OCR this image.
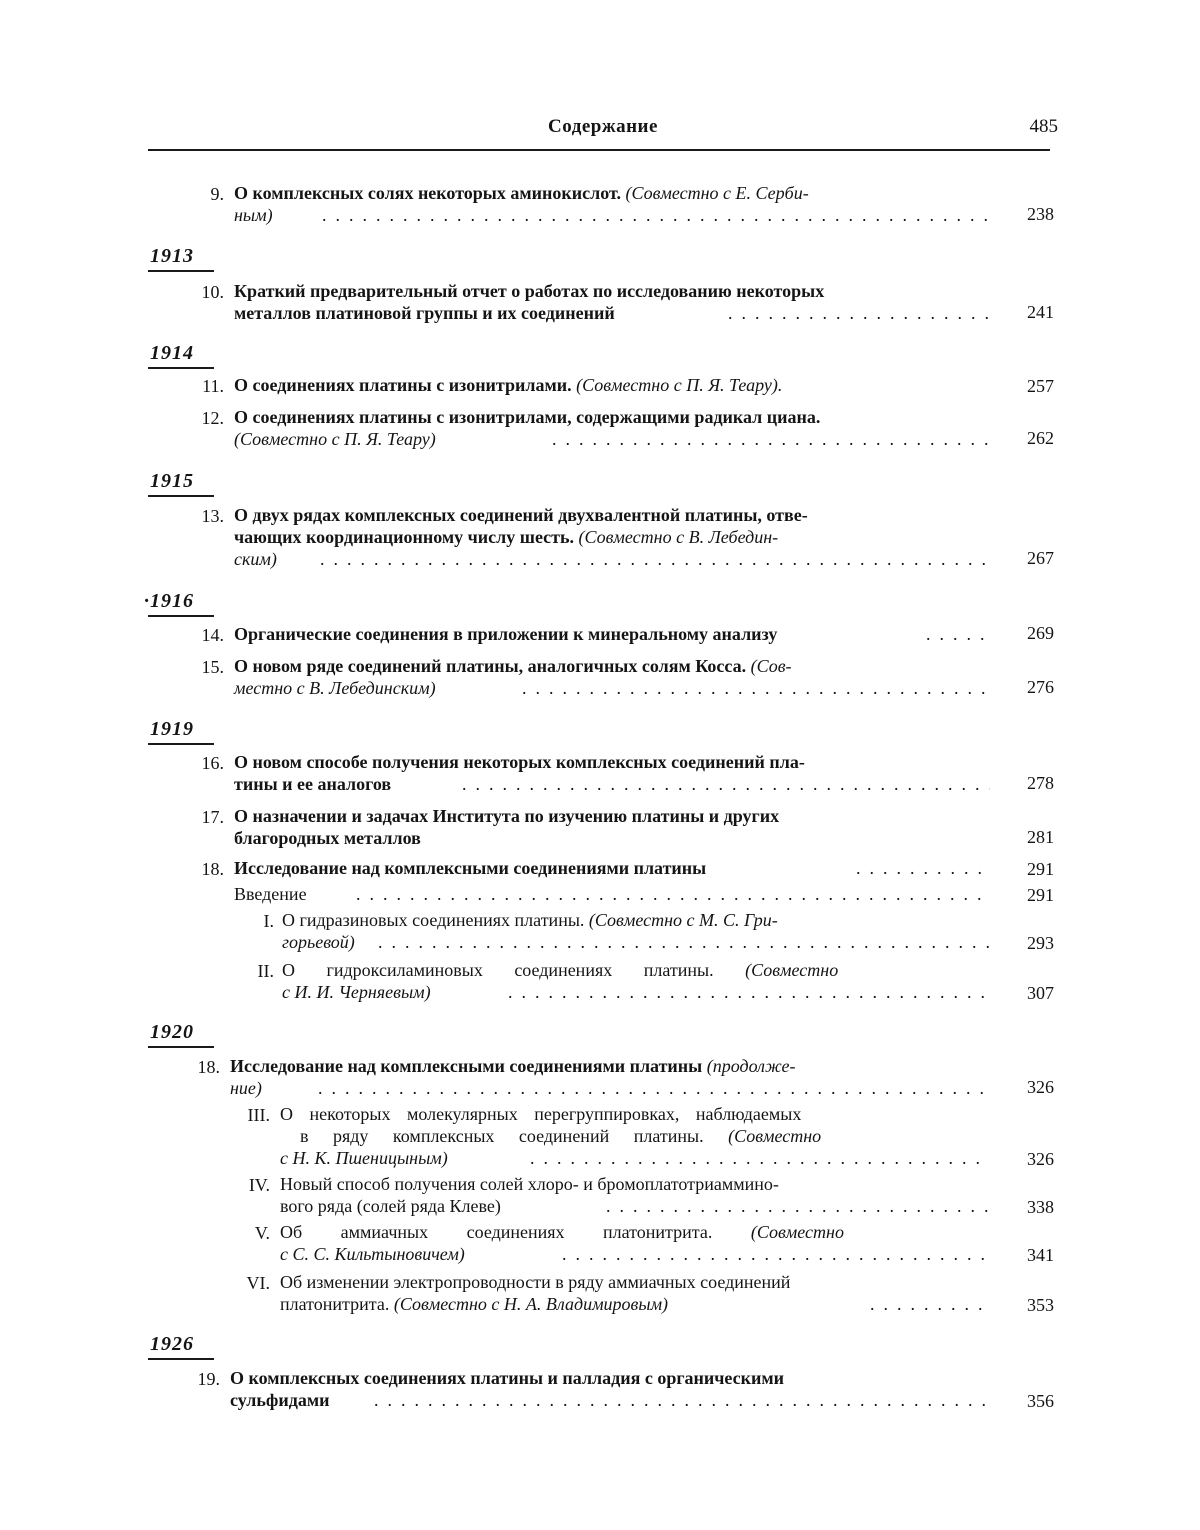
Содержание	485
9. О комплексных солях некоторых аминокислот. (Совместно с Е. Серби-
ным)	.................................................	238
1913
10. Краткий предварительный отчет о работах по исследованию некоторых
металлов платиновой группы и их соединений	...................	241
1914
11. О соединениях платины с изонитрилами. (Совместно с П. Я. Теару).	257
12. О соединениях платины с изонитрилами, содержащими радикал циана.
(Совместно с П. Я. Теару)	................................... 262
1915
13. О двух рядах комплексных соединений двухвалентной платины, отве-
чающих координационному числу шесть. (Совместно с В. Лебедин-
ским) .................................................	267
·1916
14. Органические соединения в приложении к минеральному анализу	....	269
15. О новом ряде соединений платины, аналогичных солям Косса. (Сов-
местно с В. Лебединским)	...................................	276
1919
16. О новом способе получения некоторых комплексных соединений пла-
тины и ее аналогов	.......................................	278
17. О назначении и задачах Института по изучению платины и других
благородных металлов	281
18. Исследование над комплексными соединениями платины	..........	291
Введение	...............................................	291
I. О гидразиновых соединениях платины. (Совместно с М. С. Гри-
горьевой) .............................................	293
II. О гидроксиламиновых соединениях платины. (Совместно
с И. И. Черняевым)	...................................	307
1920
18. Исследование над комплексными соединениями платины (продолже-
ние)	.................................................	326
III. О некоторых молекулярных перегруппировках, наблюдаемых
в ряду комплексных соединений платины. (Совместно
с Н. К. Пшеницыным)	...................................	326
IV. Новый способ получения солей хлоро- и бромоплатотриаммино-
вого ряда (солей ряда Клеве)	............................	338
V. Об аммиачных соединениях платонитрита. (Совместно
с С. С. Кильтыновичем)	...................................
341
VI. Об изменении электропроводности в ряду аммиачных соединений
платонитрита. (Совместно с Н. А. Владимировым)	........	353
1926
19. О комплексных соединениях платины и палладия с органическими
сульфидами .............................................	356
